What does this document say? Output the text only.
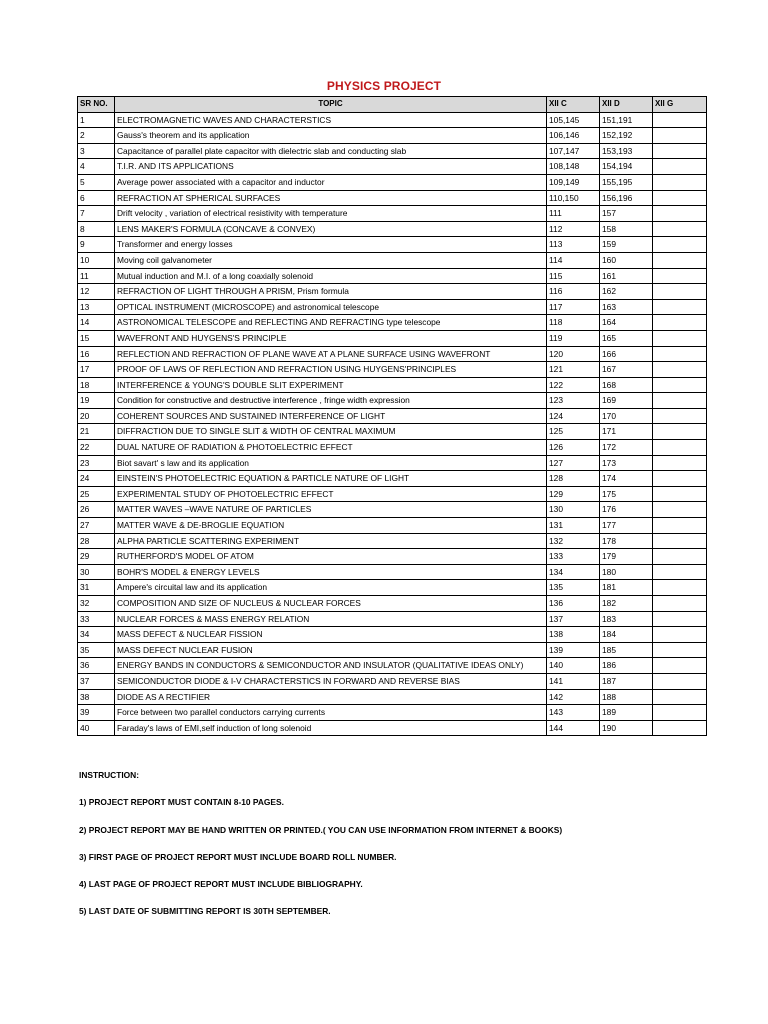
PHYSICS PROJECT
SR NO.	TOPIC	XII C	XII D	XII G
1	ELECTROMAGNETIC WAVES AND CHARACTERSTICS	105,145	151,191	
2	Gauss's theorem and its application	106,146	152,192	
3	Capacitance of parallel plate capacitor with dielectric slab and conducting slab	107,147	153,193	
4	T.I.R. AND ITS APPLICATIONS	108,148	154,194	
5	Average power associated with a capacitor and inductor	109,149	155,195	
6	REFRACTION AT SPHERICAL SURFACES	110,150	156,196	
7	Drift velocity , variation of electrical resistivity with temperature	111	157	
8	LENS MAKER'S FORMULA (CONCAVE & CONVEX)	112	158	
9	Transformer and energy losses	113	159	
10	Moving coil galvanometer	114	160	
11	Mutual induction and M.I. of a long coaxially solenoid	115	161	
12	REFRACTION OF LIGHT THROUGH A PRISM, Prism formula	116	162	
13	OPTICAL INSTRUMENT (MICROSCOPE) and astronomical telescope	117	163	
14	ASTRONOMICAL TELESCOPE and REFLECTING AND REFRACTING type telescope	118	164	
15	WAVEFRONT AND HUYGENS'S PRINCIPLE	119	165	
16	REFLECTION AND REFRACTION OF PLANE WAVE AT A PLANE SURFACE USING WAVEFRONT	120	166	
17	PROOF OF LAWS OF REFLECTION AND REFRACTION USING HUYGENS'PRINCIPLES	121	167	
18	INTERFERENCE & YOUNG'S DOUBLE SLIT EXPERIMENT	122	168	
19	Condition for constructive and destructive interference , fringe width expression	123	169	
20	COHERENT SOURCES AND SUSTAINED INTERFERENCE OF LIGHT	124	170	
21	DIFFRACTION DUE TO SINGLE SLIT & WIDTH OF CENTRAL MAXIMUM	125	171	
22	DUAL NATURE OF RADIATION & PHOTOELECTRIC EFFECT	126	172	
23	Biot savart' s law and its application	127	173	
24	EINSTEIN'S PHOTOELECTRIC EQUATION & PARTICLE NATURE OF LIGHT	128	174	
25	EXPERIMENTAL STUDY OF PHOTOELECTRIC EFFECT	129	175	
26	MATTER WAVES –WAVE NATURE OF PARTICLES	130	176	
27	MATTER WAVE & DE-BROGLIE EQUATION	131	177	
28	ALPHA PARTICLE SCATTERING EXPERIMENT	132	178	
29	RUTHERFORD'S MODEL OF ATOM	133	179	
30	BOHR'S MODEL & ENERGY LEVELS	134	180	
31	Ampere's circuital law and its application	135	181	
32	COMPOSITION AND SIZE OF NUCLEUS & NUCLEAR FORCES	136	182	
33	NUCLEAR FORCES & MASS ENERGY RELATION	137	183	
34	MASS DEFECT & NUCLEAR FISSION	138	184	
35	MASS DEFECT NUCLEAR FUSION	139	185	
36	ENERGY BANDS IN CONDUCTORS & SEMICONDUCTOR AND INSULATOR (QUALITATIVE IDEAS ONLY)	140	186	
37	SEMICONDUCTOR DIODE & I-V CHARACTERSTICS IN FORWARD AND REVERSE BIAS	141	187	
38	DIODE AS A RECTIFIER	142	188	
39	Force between two parallel conductors carrying currents	143	189	
40	Faraday's laws of EMI,self induction of long solenoid	144	190	
INSTRUCTION:
1) PROJECT REPORT MUST CONTAIN 8-10 PAGES.
2) PROJECT REPORT MAY BE HAND WRITTEN OR PRINTED.( YOU CAN USE INFORMATION FROM INTERNET & BOOKS)
3) FIRST PAGE OF PROJECT REPORT MUST INCLUDE BOARD ROLL NUMBER.
4) LAST PAGE OF PROJECT REPORT MUST INCLUDE BIBLIOGRAPHY.
5) LAST DATE OF SUBMITTING REPORT IS 30TH SEPTEMBER.
